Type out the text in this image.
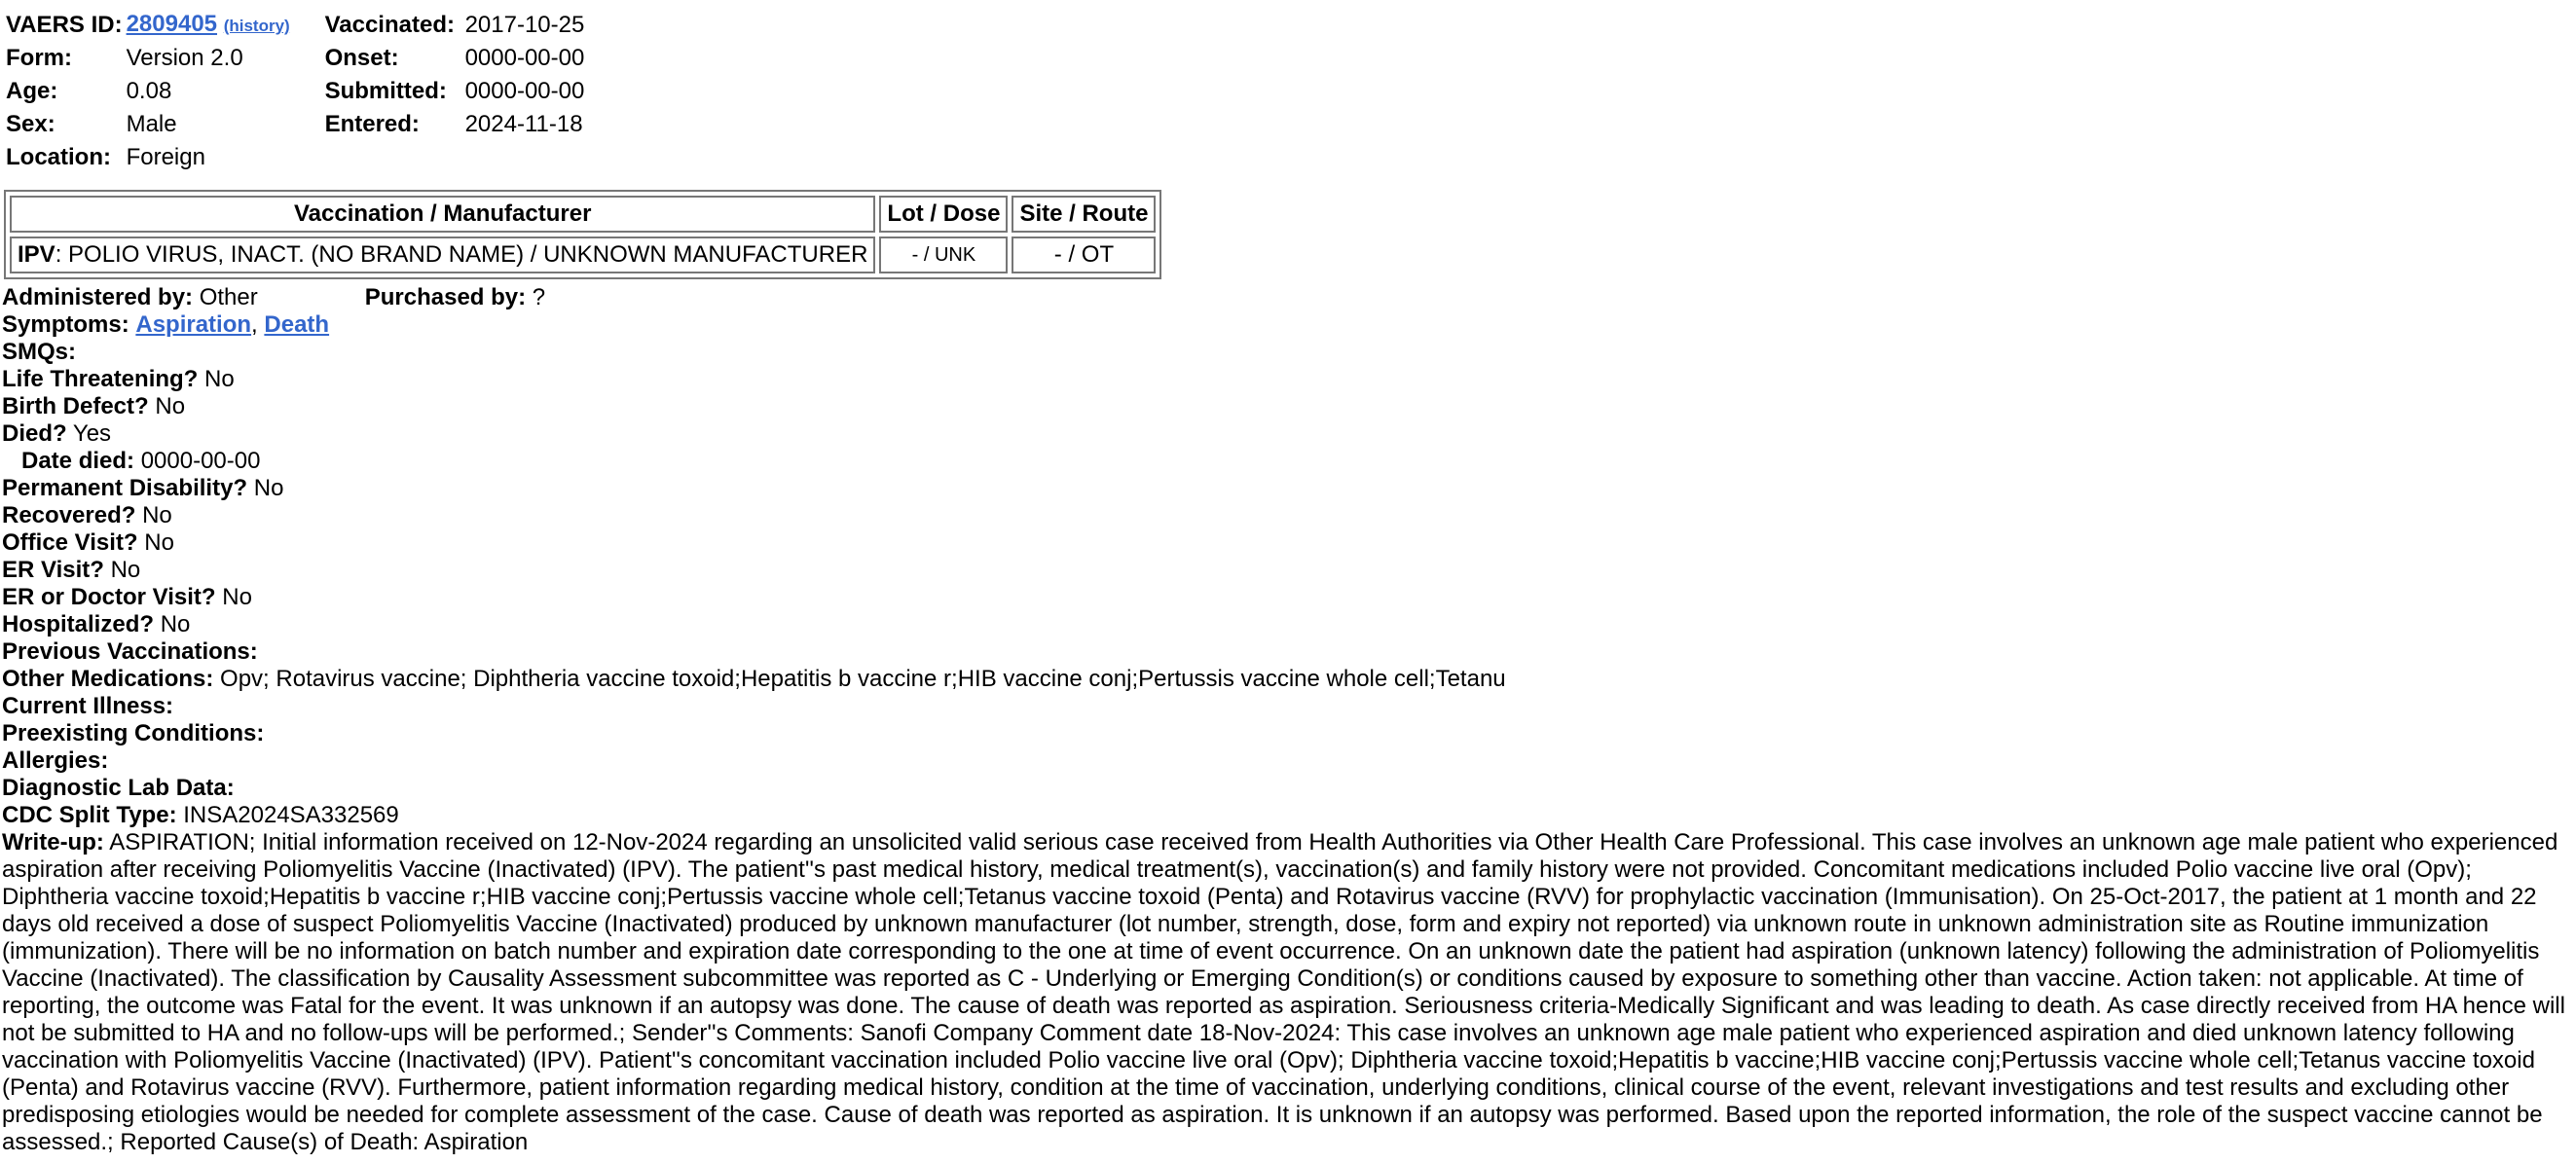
VAERS ID:	2809405 (history)	Vaccinated:	2017-10-25
Form:	Version 2.0	Onset:	0000-00-00
Age:	0.08	Submitted:	0000-00-00
Sex:	Male	Entered:	2024-11-18
Location:	Foreign		
Vaccination / Manufacturer	Lot / Dose	Site / Route
IPV: POLIO VIRUS, INACT. (NO BRAND NAME) / UNKNOWN MANUFACTURER	- / UNK	- / OT
Administered by: Other	Purchased by: ?
Symptoms: Aspiration, Death
SMQs:
Life Threatening? No
Birth Defect? No
Died? Yes
Date died: 0000-00-00
Permanent Disability? No
Recovered? No
Office Visit? No
ER Visit? No
ER or Doctor Visit? No
Hospitalized? No
Previous Vaccinations:
Other Medications: Opv; Rotavirus vaccine; Diphtheria vaccine toxoid;Hepatitis b vaccine r;HIB vaccine conj;Pertussis vaccine whole cell;Tetanu
Current Illness:
Preexisting Conditions:
Allergies:
Diagnostic Lab Data:
CDC Split Type: INSA2024SA332569
Write-up: ASPIRATION; Initial information received on 12-Nov-2024 regarding an unsolicited valid serious case received from Health Authorities via Other Health Care Professional. This case involves an unknown age male patient who experienced aspiration after receiving Poliomyelitis Vaccine (Inactivated) (IPV). The patient''s past medical history, medical treatment(s), vaccination(s) and family history were not provided. Concomitant medications included Polio vaccine live oral (Opv); Diphtheria vaccine toxoid;Hepatitis b vaccine r;HIB vaccine conj;Pertussis vaccine whole cell;Tetanus vaccine toxoid (Penta) and Rotavirus vaccine (RVV) for prophylactic vaccination (Immunisation). On 25-Oct-2017, the patient at 1 month and 22 days old received a dose of suspect Poliomyelitis Vaccine (Inactivated) produced by unknown manufacturer (lot number, strength, dose, form and expiry not reported) via unknown route in unknown administration site as Routine immunization (immunization). There will be no information on batch number and expiration date corresponding to the one at time of event occurrence. On an unknown date the patient had aspiration (unknown latency) following the administration of Poliomyelitis Vaccine (Inactivated). The classification by Causality Assessment subcommittee was reported as C - Underlying or Emerging Condition(s) or conditions caused by exposure to something other than vaccine. Action taken: not applicable. At time of reporting, the outcome was Fatal for the event. It was unknown if an autopsy was done. The cause of death was reported as aspiration. Seriousness criteria-Medically Significant and was leading to death. As case directly received from HA hence will not be submitted to HA and no follow-ups will be performed.; Sender''s Comments: Sanofi Company Comment date 18-Nov-2024: This case involves an unknown age male patient who experienced aspiration and died unknown latency following vaccination with Poliomyelitis Vaccine (Inactivated) (IPV). Patient''s concomitant vaccination included Polio vaccine live oral (Opv); Diphtheria vaccine toxoid;Hepatitis b vaccine;HIB vaccine conj;Pertussis vaccine whole cell;Tetanus vaccine toxoid (Penta) and Rotavirus vaccine (RVV). Furthermore, patient information regarding medical history, condition at the time of vaccination, underlying conditions, clinical course of the event, relevant investigations and test results and excluding other predisposing etiologies would be needed for complete assessment of the case. Cause of death was reported as aspiration. It is unknown if an autopsy was performed. Based upon the reported information, the role of the suspect vaccine cannot be assessed.; Reported Cause(s) of Death: Aspiration
